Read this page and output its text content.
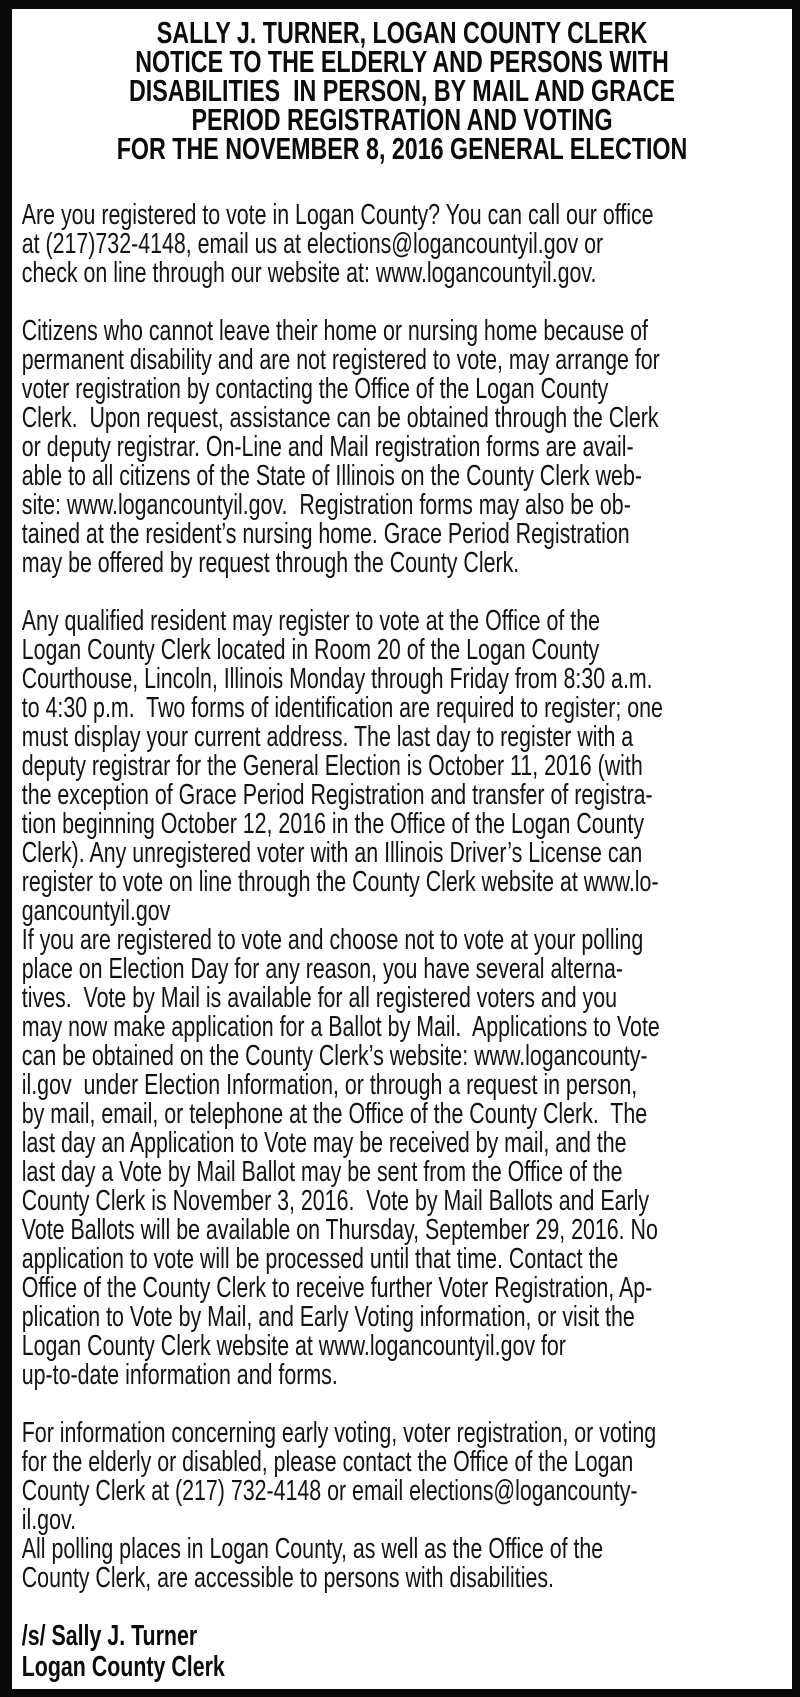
SALLY J. TURNER, LOGAN COUNTY CLERK
NOTICE TO THE ELDERLY AND PERSONS WITH
DISABILITIES  IN PERSON, BY MAIL AND GRACE
PERIOD REGISTRATION AND VOTING
FOR THE NOVEMBER 8, 2016 GENERAL ELECTION
Are you registered to vote in Logan County? You can call our office
at (217)732-4148, email us at elections@logancountyil.gov or
check on line through our website at: www.logancountyil.gov.

Citizens who cannot leave their home or nursing home because of
permanent disability and are not registered to vote, may arrange for
voter registration by contacting the Office of the Logan County
Clerk.  Upon request, assistance can be obtained through the Clerk
or deputy registrar. On-Line and Mail registration forms are avail-
able to all citizens of the State of Illinois on the County Clerk web-
site: www.logancountyil.gov.  Registration forms may also be ob-
tained at the resident’s nursing home. Grace Period Registration
may be offered by request through the County Clerk.

Any qualified resident may register to vote at the Office of the
Logan County Clerk located in Room 20 of the Logan County
Courthouse, Lincoln, Illinois Monday through Friday from 8:30 a.m.
to 4:30 p.m.  Two forms of identification are required to register; one
must display your current address. The last day to register with a
deputy registrar for the General Election is October 11, 2016 (with
the exception of Grace Period Registration and transfer of registra-
tion beginning October 12, 2016 in the Office of the Logan County
Clerk). Any unregistered voter with an Illinois Driver’s License can
register to vote on line through the County Clerk website at www.lo-
gancountyil.gov
If you are registered to vote and choose not to vote at your polling
place on Election Day for any reason, you have several alterna-
tives.  Vote by Mail is available for all registered voters and you
may now make application for a Ballot by Mail.  Applications to Vote
can be obtained on the County Clerk’s website: www.logancounty-
il.gov  under Election Information, or through a request in person,
by mail, email, or telephone at the Office of the County Clerk.  The
last day an Application to Vote may be received by mail, and the
last day a Vote by Mail Ballot may be sent from the Office of the
County Clerk is November 3, 2016.  Vote by Mail Ballots and Early
Vote Ballots will be available on Thursday, September 29, 2016. No
application to vote will be processed until that time. Contact the
Office of the County Clerk to receive further Voter Registration, Ap-
plication to Vote by Mail, and Early Voting information, or visit the
Logan County Clerk website at www.logancountyil.gov for
up-to-date information and forms.

For information concerning early voting, voter registration, or voting
for the elderly or disabled, please contact the Office of the Logan
County Clerk at (217) 732-4148 or email elections@logancounty-
il.gov.
All polling places in Logan County, as well as the Office of the
County Clerk, are accessible to persons with disabilities.
/s/ Sally J. Turner
Logan County Clerk
